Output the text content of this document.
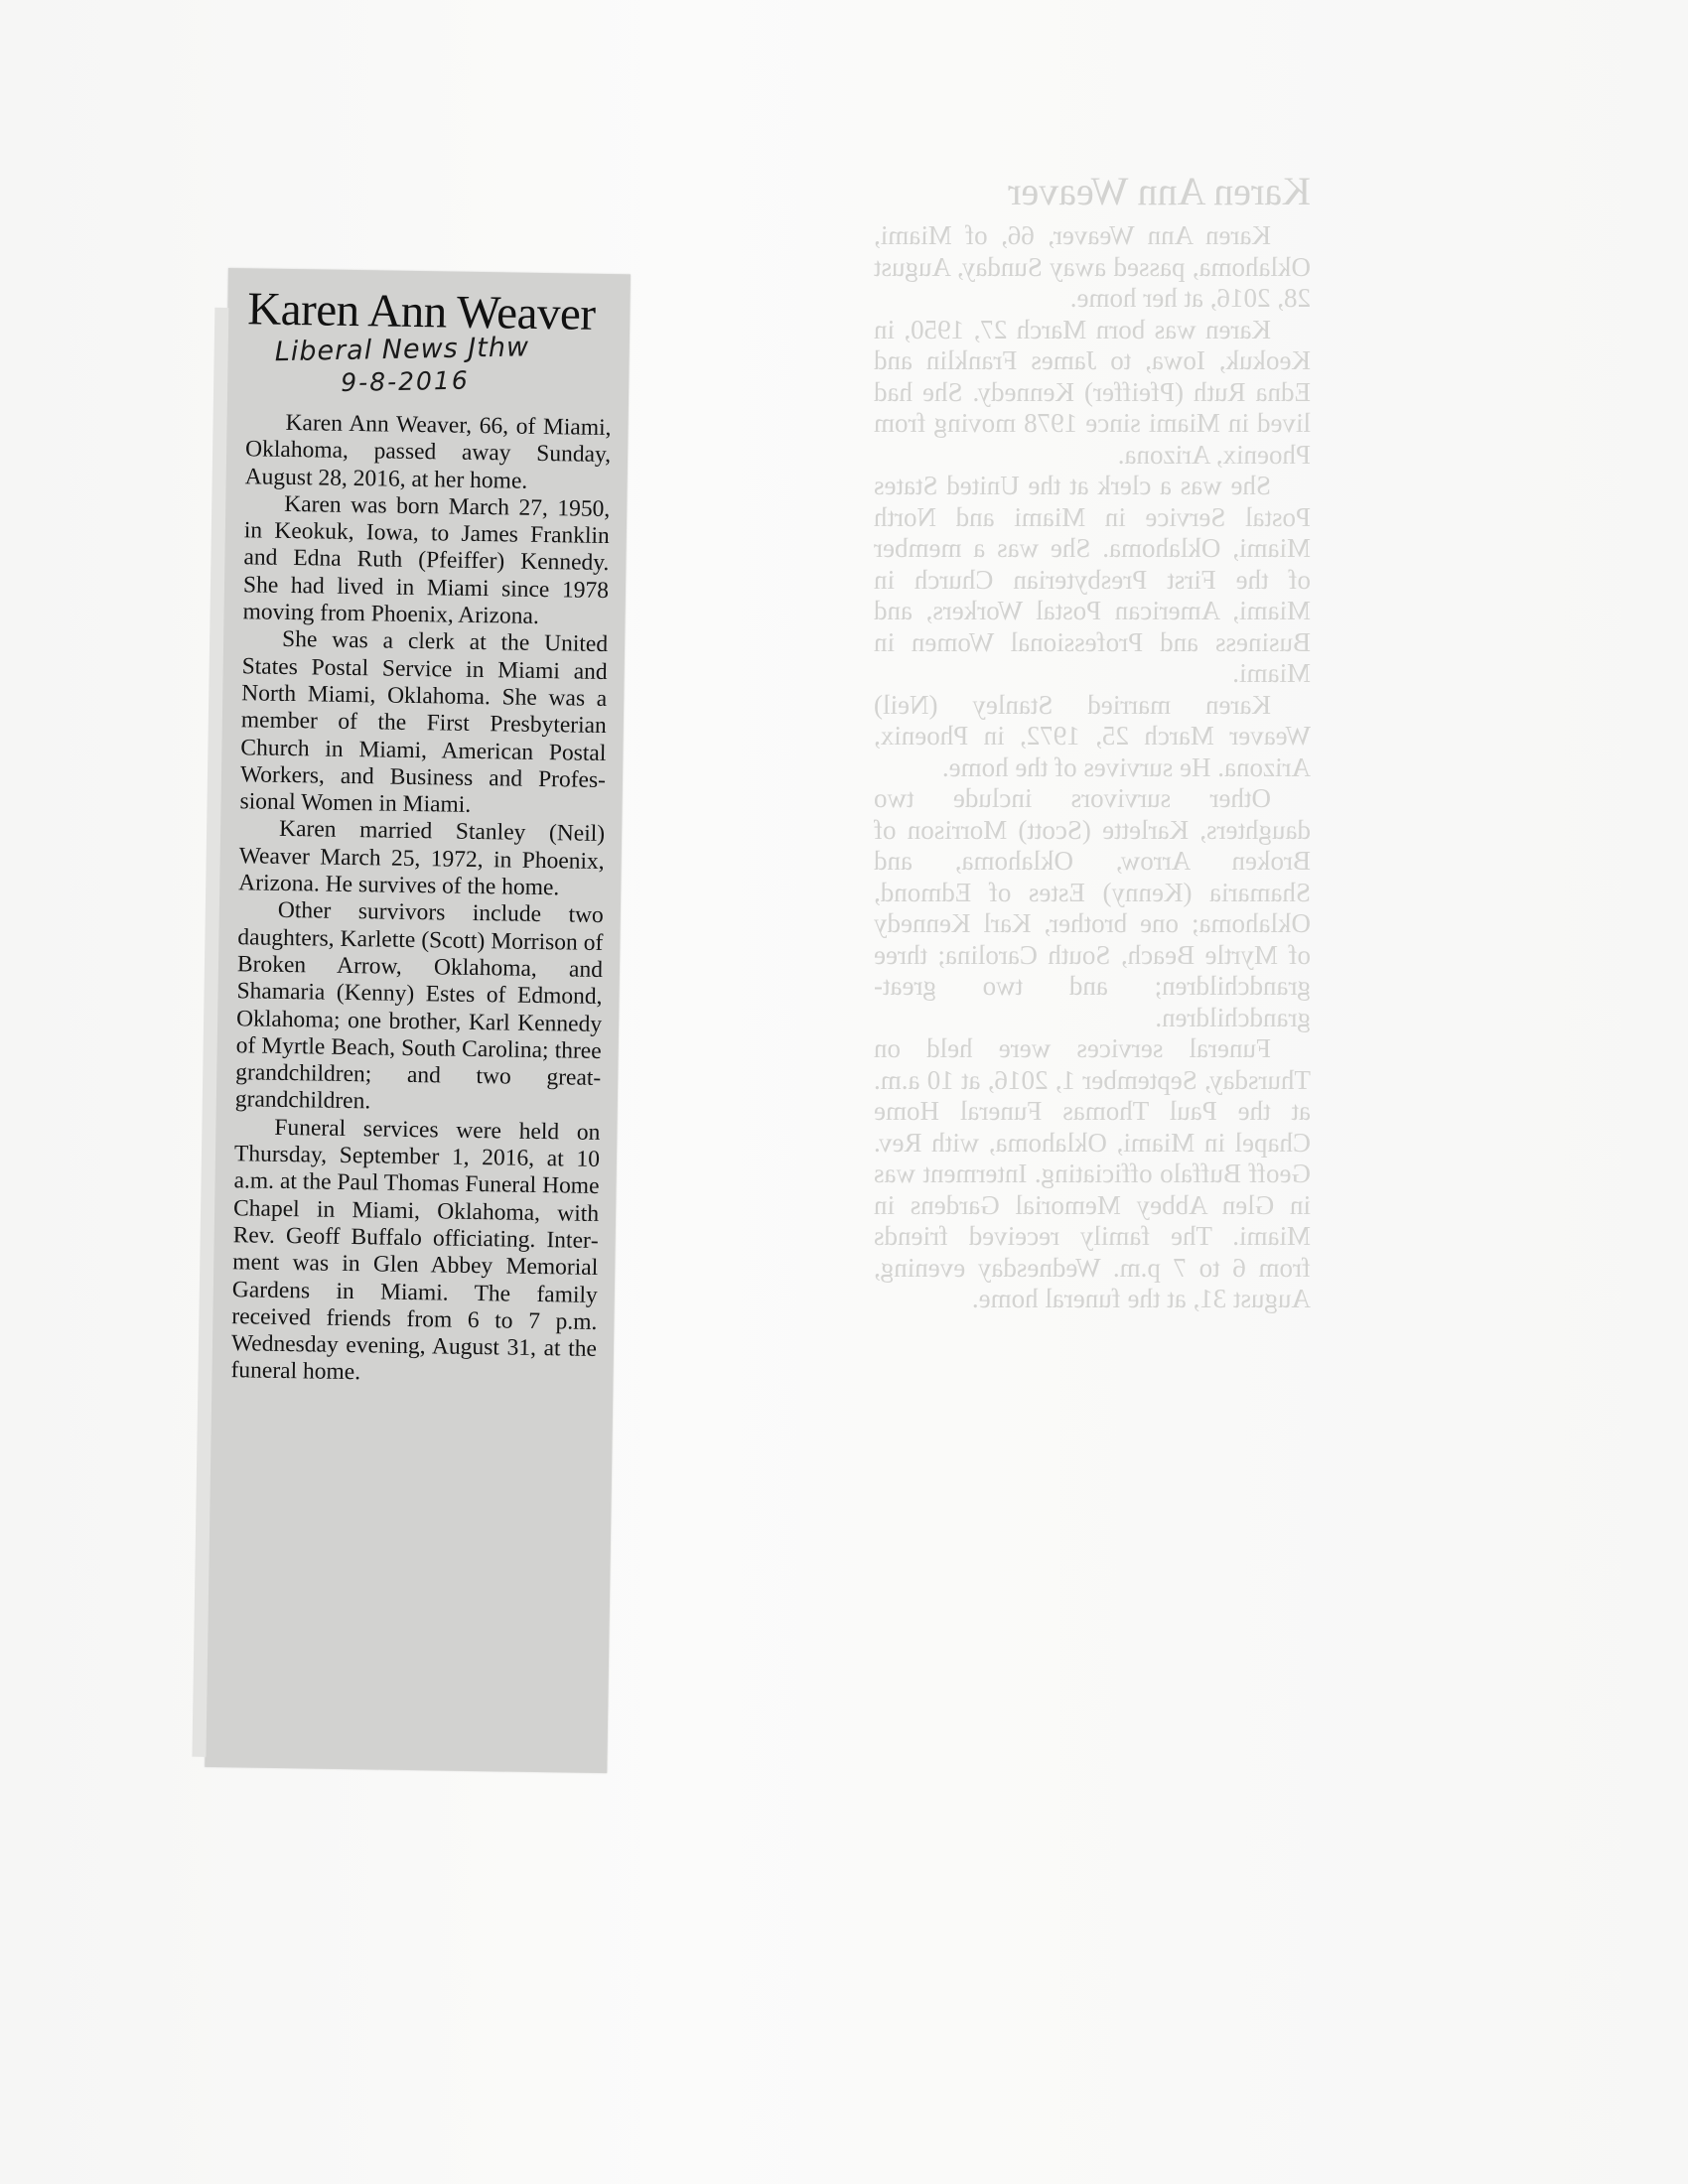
Karen Ann Weaver

Karen Ann Weaver, 66, of Miami, Oklahoma, passed away Sunday, August 28, 2016, at her home.

Karen was born March 27, 1950, in Keokuk, Iowa, to James Franklin and Edna Ruth (Pfeiffer) Kennedy. She had lived in Miami since 1978 moving from Phoenix, Arizona.

She was a clerk at the United States Postal Service in Miami and North Miami, Oklahoma. She was a member of the First Presbyterian Church in Miami, American Postal Workers, and Business and Professional Women in Miami.

Karen married Stanley (Neil) Weaver March 25, 1972, in Phoenix, Arizona. He survives of the home.

Other survivors include two daughters, Karlette (Scott) Morrison of Broken Arrow, Oklahoma, and Shamaria (Kenny) Estes of Edmond, Oklahoma; one brother, Karl Kennedy of Myrtle Beach, South Carolina; three grandchildren; and two great-grandchildren.

Funeral services were held on Thursday, September 1, 2016, at 10 a.m. at the Paul Thomas Funeral Home Chapel in Miami, Oklahoma, with Rev. Geoff Buffalo officiating. Interment was in Glen Abbey Memorial Gardens in Miami. The family received friends from 6 to 7 p.m. Wednesday evening, August 31, at the funeral home.

Karen Ann Weaver
Liberal News Jthw
9-8-2016

Karen Ann Weaver, 66, of Miami, Oklahoma, passed away Sunday, August 28, 2016, at her home.

Karen was born March 27, 1950, in Keokuk, Iowa, to James Franklin and Edna Ruth (Pfeiffer) Kennedy. She had lived in Miami since 1978 moving from Phoenix, Arizona.

She was a clerk at the United States Postal Service in Miami and North Miami, Oklahoma. She was a member of the First Presbyterian Church in Miami, American Postal Workers, and Business and Professional Women in Miami.

Karen married Stanley (Neil) Weaver March 25, 1972, in Phoenix, Arizona. He survives of the home.

Other survivors include two daughters, Karlette (Scott) Morrison of Broken Arrow, Oklahoma, and Shamaria (Kenny) Estes of Edmond, Oklahoma; one brother, Karl Kennedy of Myrtle Beach, South Carolina; three grandchildren; and two great-grandchildren.

Funeral services were held on Thursday, September 1, 2016, at 10 a.m. at the Paul Thomas Funeral Home Chapel in Miami, Oklahoma, with Rev. Geoff Buffalo officiating. Interment was in Glen Abbey Memorial Gardens in Miami. The family received friends from 6 to 7 p.m. Wednesday evening, August 31, at the funeral home.
